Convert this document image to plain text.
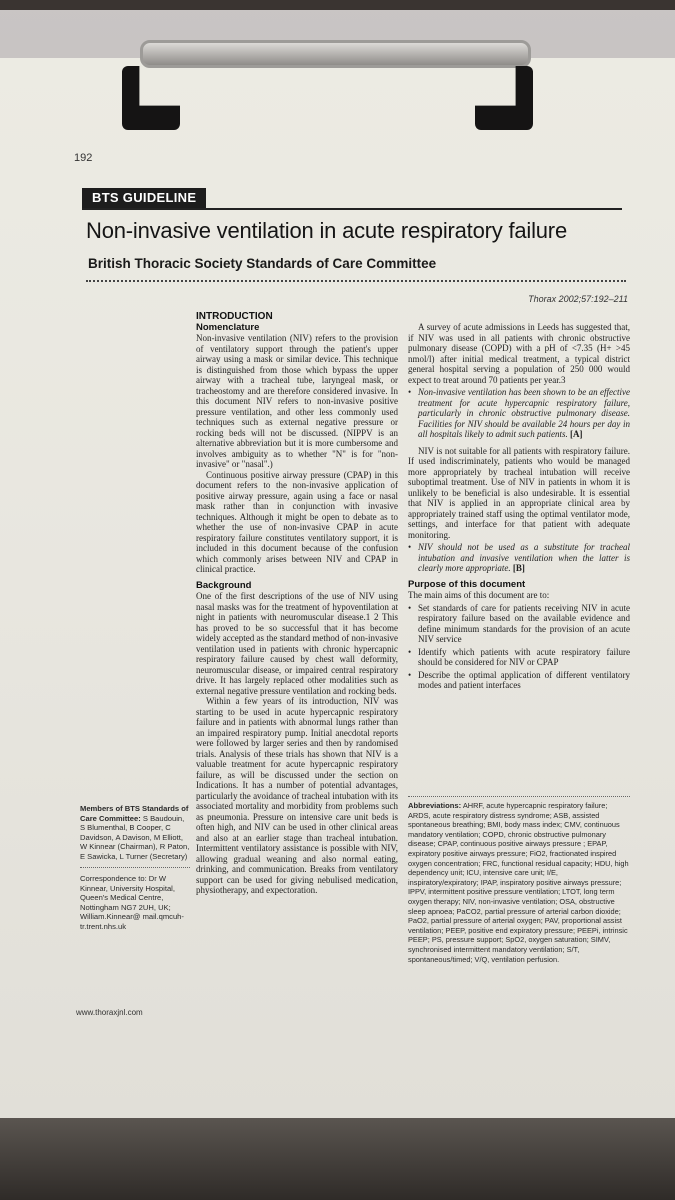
192
BTS GUIDELINE
Non-invasive ventilation in acute respiratory failure
British Thoracic Society Standards of Care Committee
Thorax 2002;57:192–211

INTRODUCTION

Nomenclature

Non-invasive ventilation (NIV) refers to the provision of ventilatory support through the patient's upper airway using a mask or similar device. This technique is distinguished from those which bypass the upper airway with a tracheal tube, laryngeal mask, or tracheostomy and are therefore considered invasive. In this document NIV refers to non-invasive positive pressure ventilation, and other less commonly used techniques such as external negative pressure or rocking beds will not be discussed. (NIPPV is an alternative abbreviation but it is more cumbersome and involves ambiguity as to whether "N" is for "non-invasive" or "nasal".)

Continuous positive airway pressure (CPAP) in this document refers to the non-invasive application of positive airway pressure, again using a face or nasal mask rather than in conjunction with invasive techniques. Although it might be open to debate as to whether the use of non-invasive CPAP in acute respiratory failure constitutes ventilatory support, it is included in this document because of the confusion which commonly arises between NIV and CPAP in clinical practice.

Background

One of the first descriptions of the use of NIV using nasal masks was for the treatment of hypoventilation at night in patients with neuromuscular disease.1 2 This has proved to be so successful that it has become widely accepted as the standard method of non-invasive ventilation used in patients with chronic hypercapnic respiratory failure caused by chest wall deformity, neuromuscular disease, or impaired central respiratory drive. It has largely replaced other modalities such as external negative pressure ventilation and rocking beds.

Within a few years of its introduction, NIV was starting to be used in acute hypercapnic respiratory failure and in patients with abnormal lungs rather than an impaired respiratory pump. Initial anecdotal reports were followed by larger series and then by randomised trials. Analysis of these trials has shown that NIV is a valuable treatment for acute hypercapnic respiratory failure, as will be discussed under the section on Indications. It has a number of potential advantages, particularly the avoidance of tracheal intubation with its associated mortality and morbidity from problems such as pneumonia. Pressure on intensive care unit beds is often high, and NIV can be used in other clinical areas and also at an earlier stage than tracheal intubation. Intermittent ventilatory assistance is possible with NIV, allowing gradual weaning and also normal eating, drinking, and communication. Breaks from ventilatory support can be used for giving nebulised medication, physiotherapy, and expectoration.

A survey of acute admissions in Leeds has suggested that, if NIV was used in all patients with chronic obstructive pulmonary disease (COPD) with a pH of <7.35 (H+ >45 nmol/l) after initial medical treatment, a typical district general hospital serving a population of 250 000 would expect to treat around 70 patients per year.3

• Non-invasive ventilation has been shown to be an effective treatment for acute hypercapnic respiratory failure, particularly in chronic obstructive pulmonary disease. Facilities for NIV should be available 24 hours per day in all hospitals likely to admit such patients. [A]

NIV is not suitable for all patients with respiratory failure. If used indiscriminately, patients who would be managed more appropriately by tracheal intubation will receive suboptimal treatment. Use of NIV in patients in whom it is unlikely to be beneficial is also undesirable. It is essential that NIV is applied in an appropriate clinical area by appropriately trained staff using the optimal ventilator mode, settings, and interface for that patient with adequate monitoring.

• NIV should not be used as a substitute for tracheal intubation and invasive ventilation when the latter is clearly more appropriate. [B]

Purpose of this document

The main aims of this document are to:

• Set standards of care for patients receiving NIV in acute respiratory failure based on the available evidence and define minimum standards for the provision of an acute NIV service
• Identify which patients with acute respiratory failure should be considered for NIV or CPAP
• Describe the optimal application of different ventilatory modes and patient interfaces
Abbreviations: AHRF, acute hypercapnic respiratory failure; ARDS, acute respiratory distress syndrome; ASB, assisted spontaneous breathing; BMI, body mass index; CMV, continuous mandatory ventilation; COPD, chronic obstructive pulmonary disease; CPAP, continuous positive airways pressure ; EPAP, expiratory positive airways pressure; FiO2, fractionated inspired oxygen concentration; FRC, functional residual capacity; HDU, high dependency unit; ICU, intensive care unit; I/E, inspiratory/expiratory; IPAP, inspiratory positive airways pressure; IPPV, intermittent positive pressure ventilation; LTOT, long term oxygen therapy; NIV, non-invasive ventilation; OSA, obstructive sleep apnoea; PaCO2, partial pressure of arterial carbon dioxide; PaO2, partial pressure of arterial oxygen; PAV, proportional assist ventilation; PEEP, positive end expiratory pressure; PEEPi, intrinsic PEEP; PS, pressure support; SpO2, oxygen saturation; SIMV, synchronised intermittent mandatory ventilation; S/T, spontaneous/timed; V/Q, ventilation perfusion.
Members of BTS Standards of Care Committee: S Baudouin, S Blumenthal, B Cooper, C Davidson, A Davison, M Elliott, W Kinnear (Chairman), R Paton, E Sawicka, L Turner (Secretary)
Correspondence to: Dr W Kinnear, University Hospital, Queen's Medical Centre, Nottingham NG7 2UH, UK; William.Kinnear@ mail.qmcuh-tr.trent.nhs.uk
www.thoraxjnl.com
